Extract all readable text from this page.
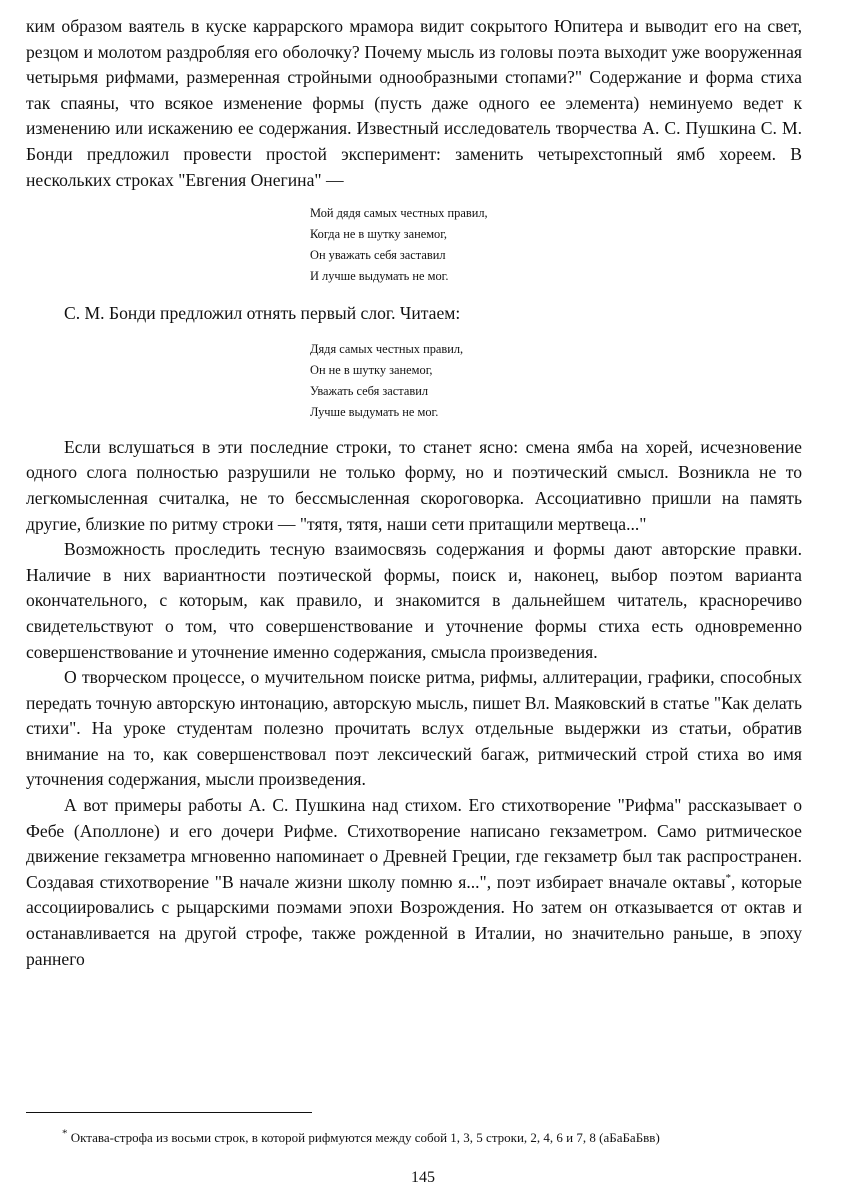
ким образом ваятель в куске каррарского мрамора видит сокрытого Юпитера и выводит его на свет, резцом и молотом раздробляя его оболочку? Почему мысль из головы поэта выходит уже вооруженная четырьмя рифмами, размеренная стройными однообразными стопами?" Содержание и форма стиха так спаяны, что всякое изменение формы (пусть даже одного ее элемента) неминуемо ведет к изменению или искажению ее содержания. Известный исследователь творчества А. С. Пушкина С. М. Бонди предложил провести простой эксперимент: заменить четырехстопный ямб хореем. В нескольких строках "Евгения Онегина" —

Мой дядя самых честных правил,
Когда не в шутку занемог,
Он уважать себя заставил
И лучше выдумать не мог.

С. М. Бонди предложил отнять первый слог. Читаем:

Дядя самых честных правил,
Он не в шутку занемог,
Уважать себя заставил
Лучше выдумать не мог.

Если вслушаться в эти последние строки, то станет ясно: смена ямба на хорей, исчезновение одного слога полностью разрушили не только форму, но и поэтический смысл. Возникла не то легкомысленная считалка, не то бессмысленная скороговорка. Ассоциативно пришли на память другие, близкие по ритму строки — "тятя, тятя, наши сети притащили мертвеца..."

Возможность проследить тесную взаимосвязь содержания и формы дают авторские правки. Наличие в них вариантности поэтической формы, поиск и, наконец, выбор поэтом варианта окончательного, с которым, как правило, и знакомится в дальнейшем читатель, красноречиво свидетельствуют о том, что совершенствование и уточнение формы стиха есть одновременно совершенствование и уточнение именно содержания, смысла произведения.

О творческом процессе, о мучительном поиске ритма, рифмы, аллитерации, графики, способных передать точную авторскую интонацию, авторскую мысль, пишет Вл. Маяковский в статье "Как делать стихи". На уроке студентам полезно прочитать вслух отдельные выдержки из статьи, обратив внимание на то, как совершенствовал поэт лексический багаж, ритмический строй стиха во имя уточнения содержания, мысли произведения.

А вот примеры работы А. С. Пушкина над стихом. Его стихотворение "Рифма" рассказывает о Фебе (Аполлоне) и его дочери Рифме. Стихотворение написано гекзаметром. Само ритмическое движение гекзаметра мгновенно напоминает о Древней Греции, где гекзаметр был так распространен. Создавая стихотворение "В начале жизни школу помню я...", поэт избирает вначале октавы*, которые ассоциировались с рыцарскими поэмами эпохи Возрождения. Но затем он отказывается от октав и останавливается на другой строфе, также рожденной в Италии, но значительно раньше, в эпоху раннего

* Октава-строфа из восьми строк, в которой рифмуются между собой 1, 3, 5 строки, 2, 4, 6 и 7, 8 (аБаБаБвв)
145
